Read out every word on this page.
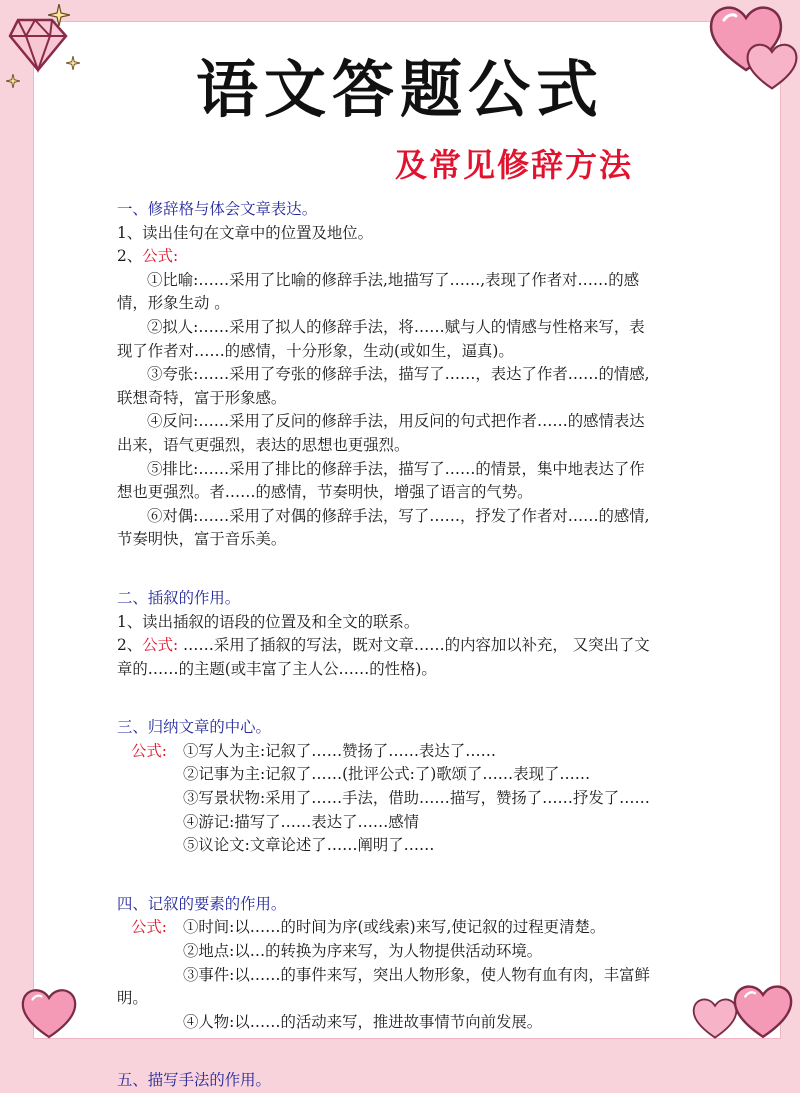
语文答题公式
及常见修辞方法
一、修辞格与体会文章表达。
1、读出佳句在文章中的位置及地位。
2、公式:
①比喻:……采用了比喻的修辞手法,地描写了……,表现了作者对……的感
情，形象生动 。
②拟人:……采用了拟人的修辞手法，将……赋与人的情感与性格来写，表
现了作者对……的感情，十分形象，生动(或如生，逼真)。
③夸张:……采用了夸张的修辞手法，描写了……，表达了作者……的情感,
联想奇特，富于形象感。
④反问:……采用了反问的修辞手法，用反问的句式把作者……的感情表达
出来，语气更强烈，表达的思想也更强烈。
⑤排比:……采用了排比的修辞手法，描写了……的情景，集中地表达了作
想也更强烈。者……的感情，节奏明快，增强了语言的气势。
⑥对偶:……采用了对偶的修辞手法，写了……，抒发了作者对……的感情,
节奏明快，富于音乐美。
二、插叙的作用。
1、读出插叙的语段的位置及和全文的联系。
2、公式: ……采用了插叙的写法，既对文章……的内容加以补充， 又突出了文
章的……的主题(或丰富了主人公……的性格)。
三、归纳文章的中心。
公式: ①写人为主:记叙了……赞扬了……表达了……
②记事为主:记叙了……(批评公式:了)歌颂了……表现了……
③写景状物:采用了……手法，借助……描写，赞扬了……抒发了……
④游记:描写了……表达了……感情
⑤议论文:文章论述了……阐明了……
四、记叙的要素的作用。
公式: ①时间:以……的时间为序(或线索)来写,使记叙的过程更清楚。
②地点:以…的转换为序来写，为人物提供活动环境。
③事件:以……的事件来写，突出人物形象，使人物有血有肉，丰富鲜
明。
④人物:以……的活动来写，推进故事情节向前发展。
五、描写手法的作用。
